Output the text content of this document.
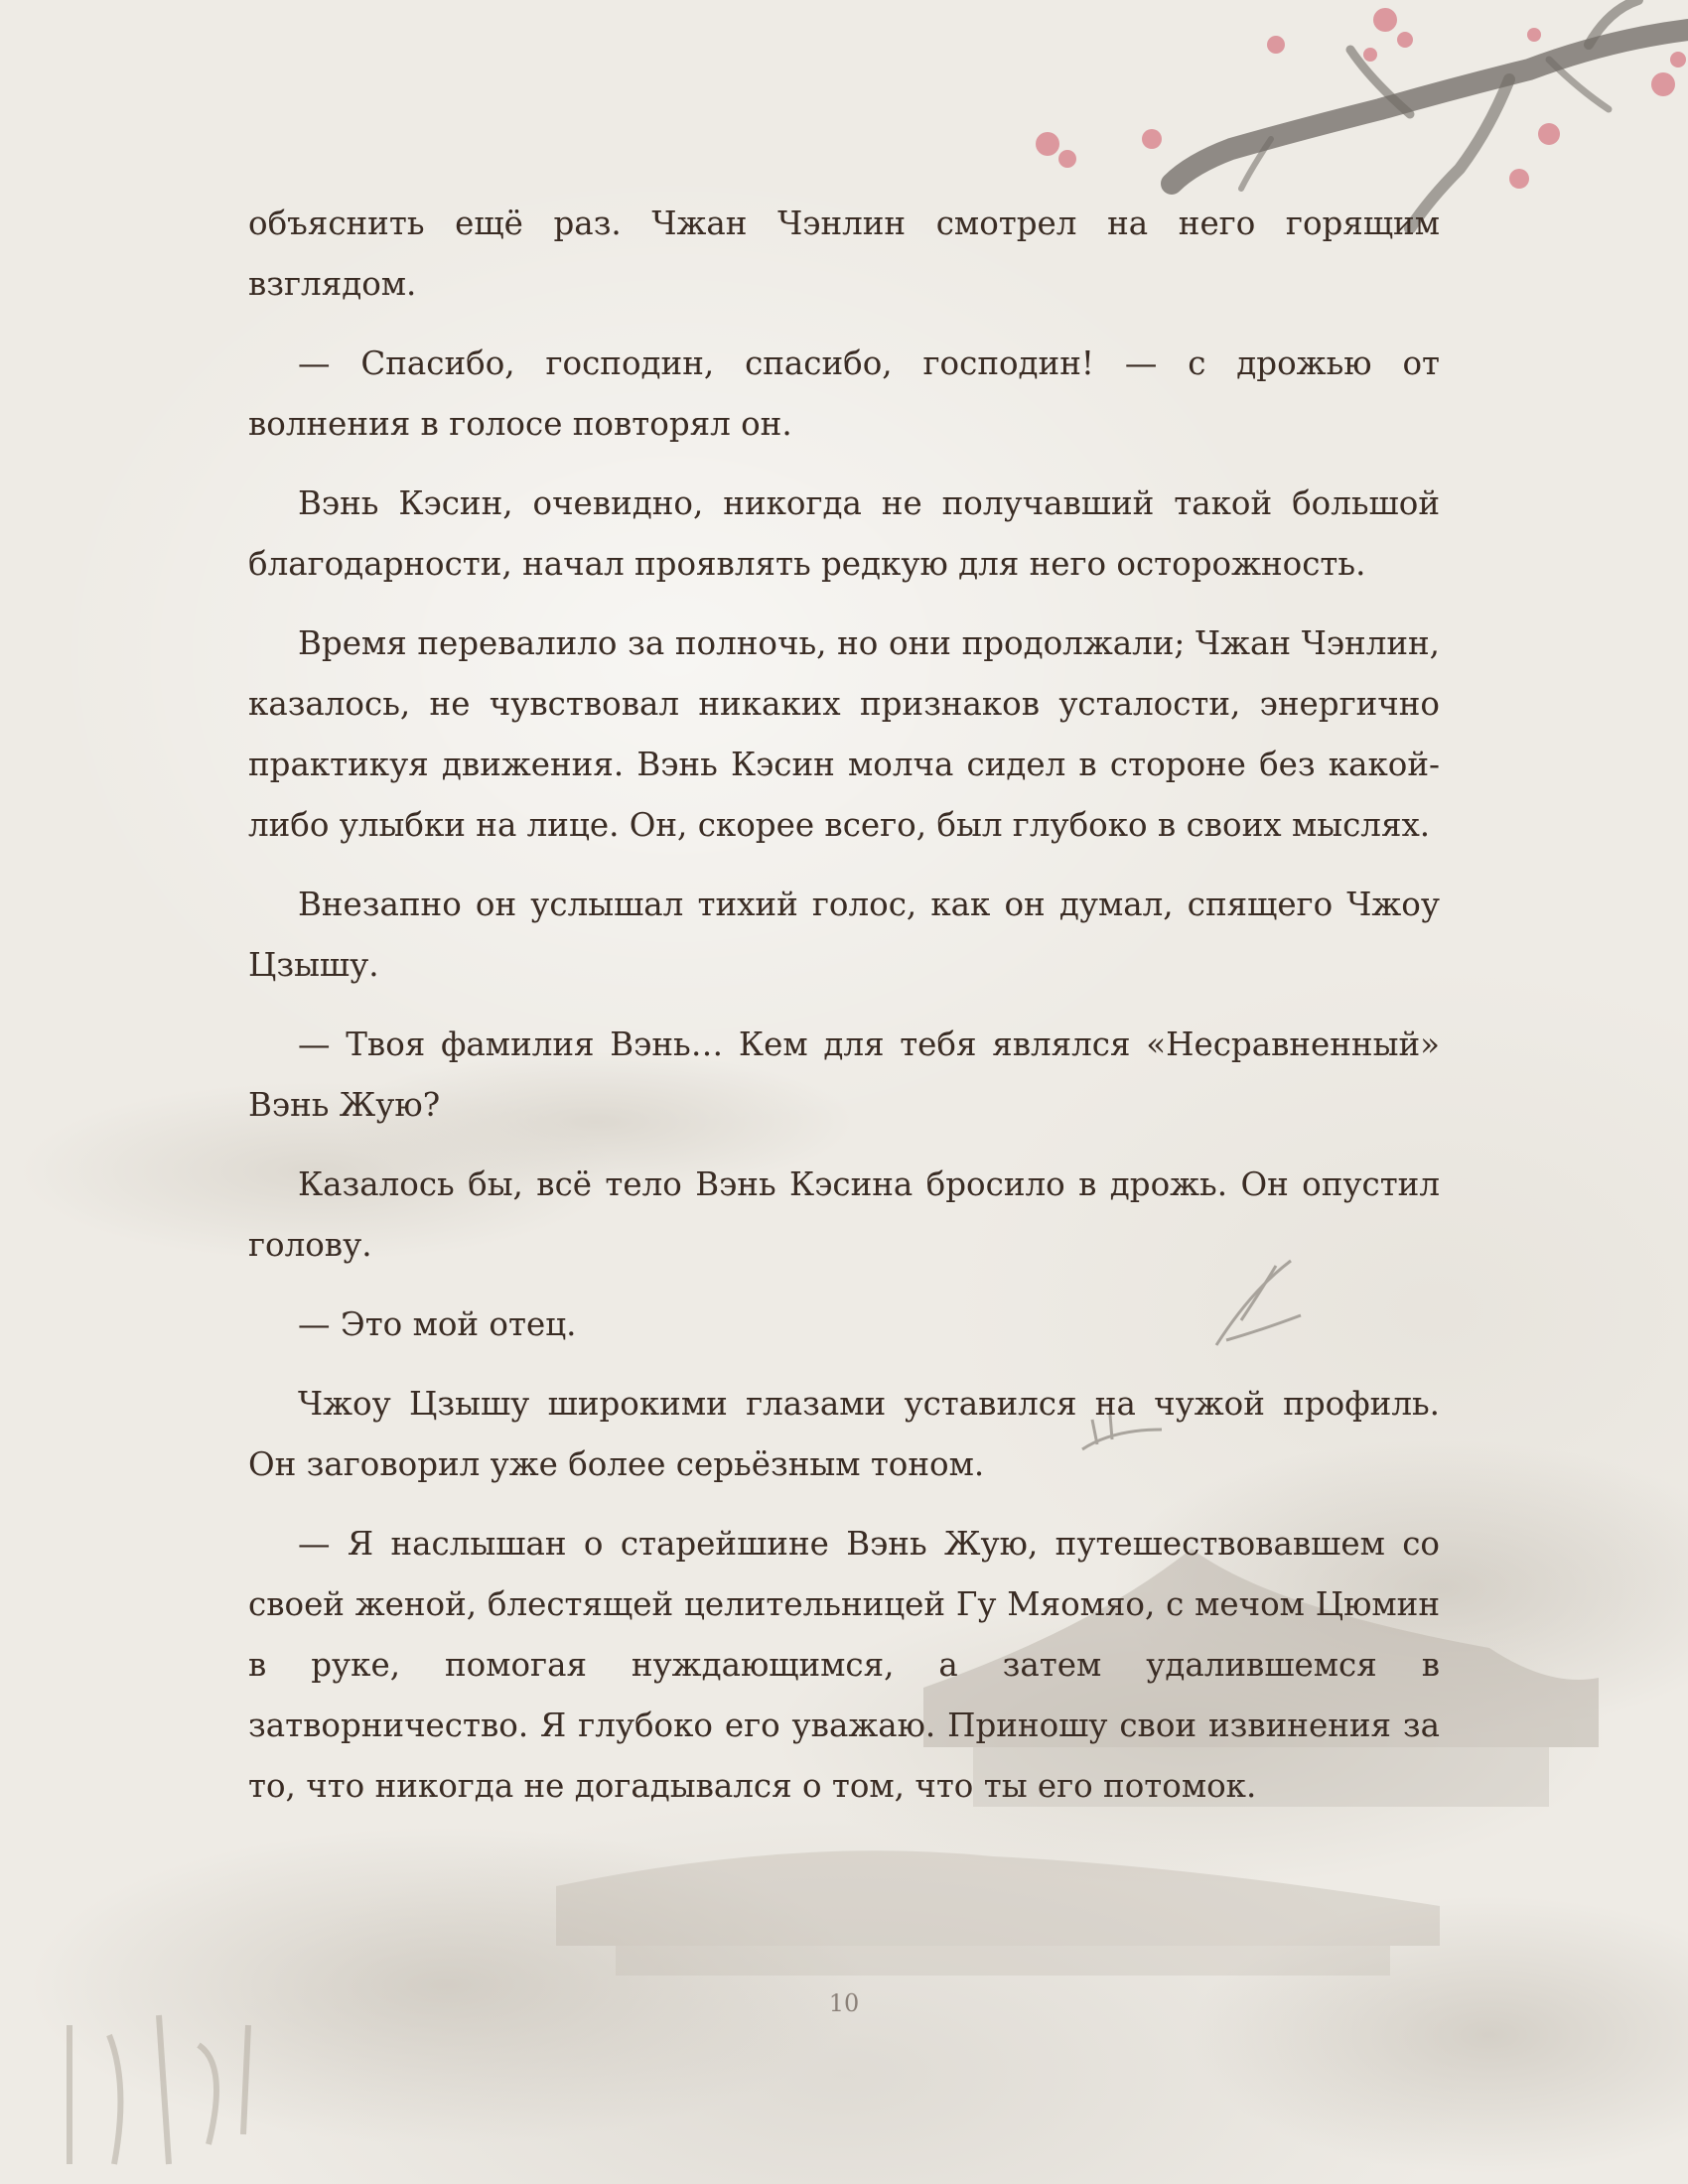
объяснить ещё раз. Чжан Чэнлин смотрел на него горящим взглядом.

— Спасибо, господин, спасибо, господин! — с дрожью от волнения в голосе повторял он.

Вэнь Кэсин, очевидно, никогда не получавший такой большой благодарности, начал проявлять редкую для него осторожность.

Время перевалило за полночь, но они продолжали; Чжан Чэнлин, казалось, не чувствовал никаких признаков усталости, энергично практикуя движения. Вэнь Кэсин молча сидел в стороне без какой-либо улыбки на лице. Он, скорее всего, был глубоко в своих мыслях.

Внезапно он услышал тихий голос, как он думал, спящего Чжоу Цзышу.

— Твоя фамилия Вэнь… Кем для тебя являлся «Несравненный» Вэнь Жую?

Казалось бы, всё тело Вэнь Кэсина бросило в дрожь. Он опустил голову.

— Это мой отец.

Чжоу Цзышу широкими глазами уставился на чужой профиль. Он заговорил уже более серьёзным тоном.

— Я наслышан о старейшине Вэнь Жую, путешествовавшем со своей женой, блестящей целительницей Гу Мяомяо, с мечом Цюмин в руке, помогая нуждающимся, а затем удалившемся в затворничество. Я глубоко его уважаю. Приношу свои извинения за то, что никогда не догадывался о том, что ты его потомок.

10
